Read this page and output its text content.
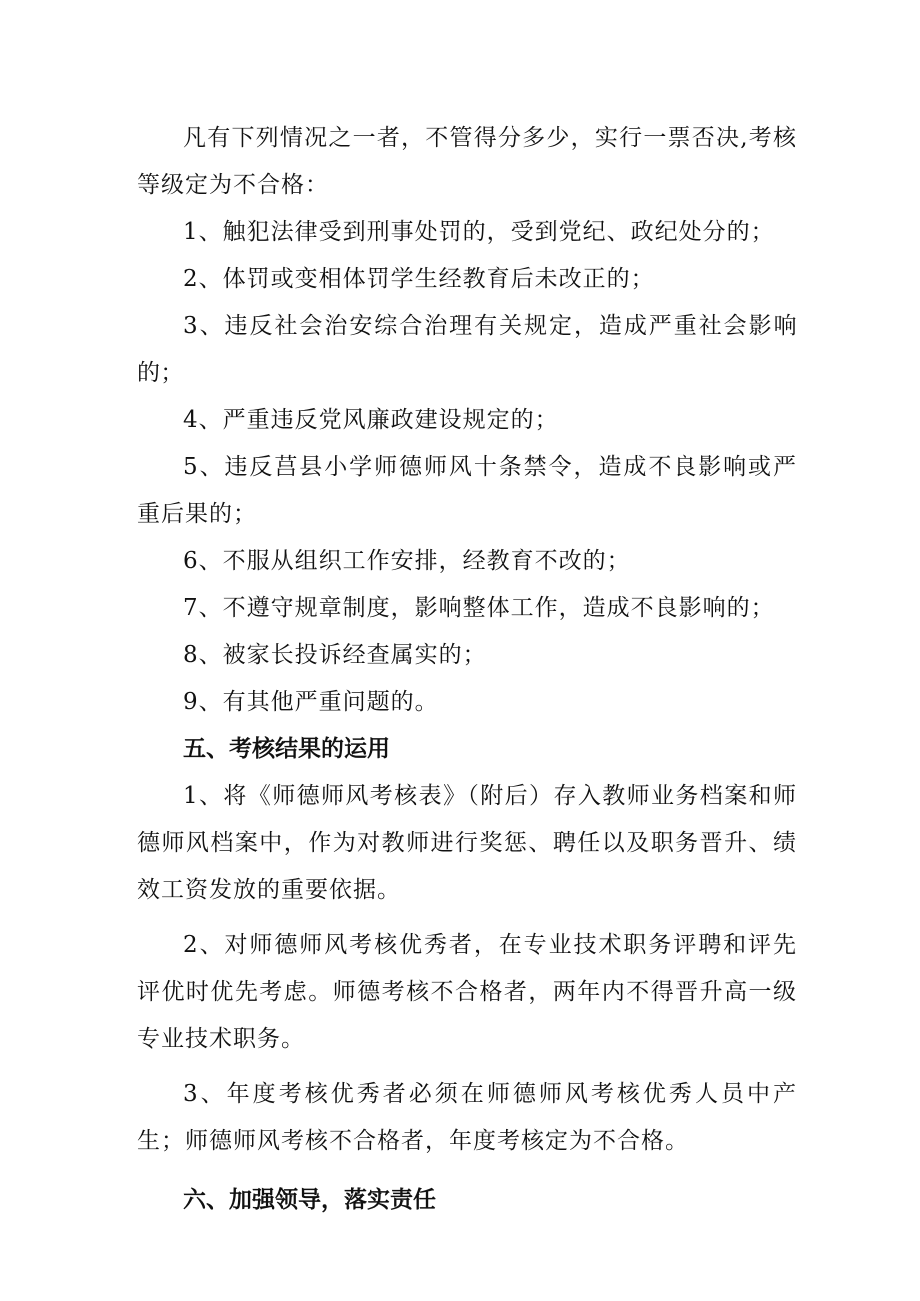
凡有下列情况之一者，不管得分多少，实行一票否决,考核等级定为不合格：

1、触犯法律受到刑事处罚的，受到党纪、政纪处分的；

2、体罚或变相体罚学生经教育后未改正的；

3、违反社会治安综合治理有关规定，造成严重社会影响的；

4、严重违反党风廉政建设规定的；

5、违反莒县小学师德师风十条禁令，造成不良影响或严重后果的；

6、不服从组织工作安排，经教育不改的；

7、不遵守规章制度，影响整体工作，造成不良影响的；

8、被家长投诉经查属实的；

9、有其他严重问题的。

五、考核结果的运用

1、将《师德师风考核表》（附后）存入教师业务档案和师德师风档案中，作为对教师进行奖惩、聘任以及职务晋升、绩效工资发放的重要依据。

2、对师德师风考核优秀者，在专业技术职务评聘和评先评优时优先考虑。师德考核不合格者，两年内不得晋升高一级专业技术职务。

3、年度考核优秀者必须在师德师风考核优秀人员中产生；师德师风考核不合格者，年度考核定为不合格。

六、加强领导，落实责任
